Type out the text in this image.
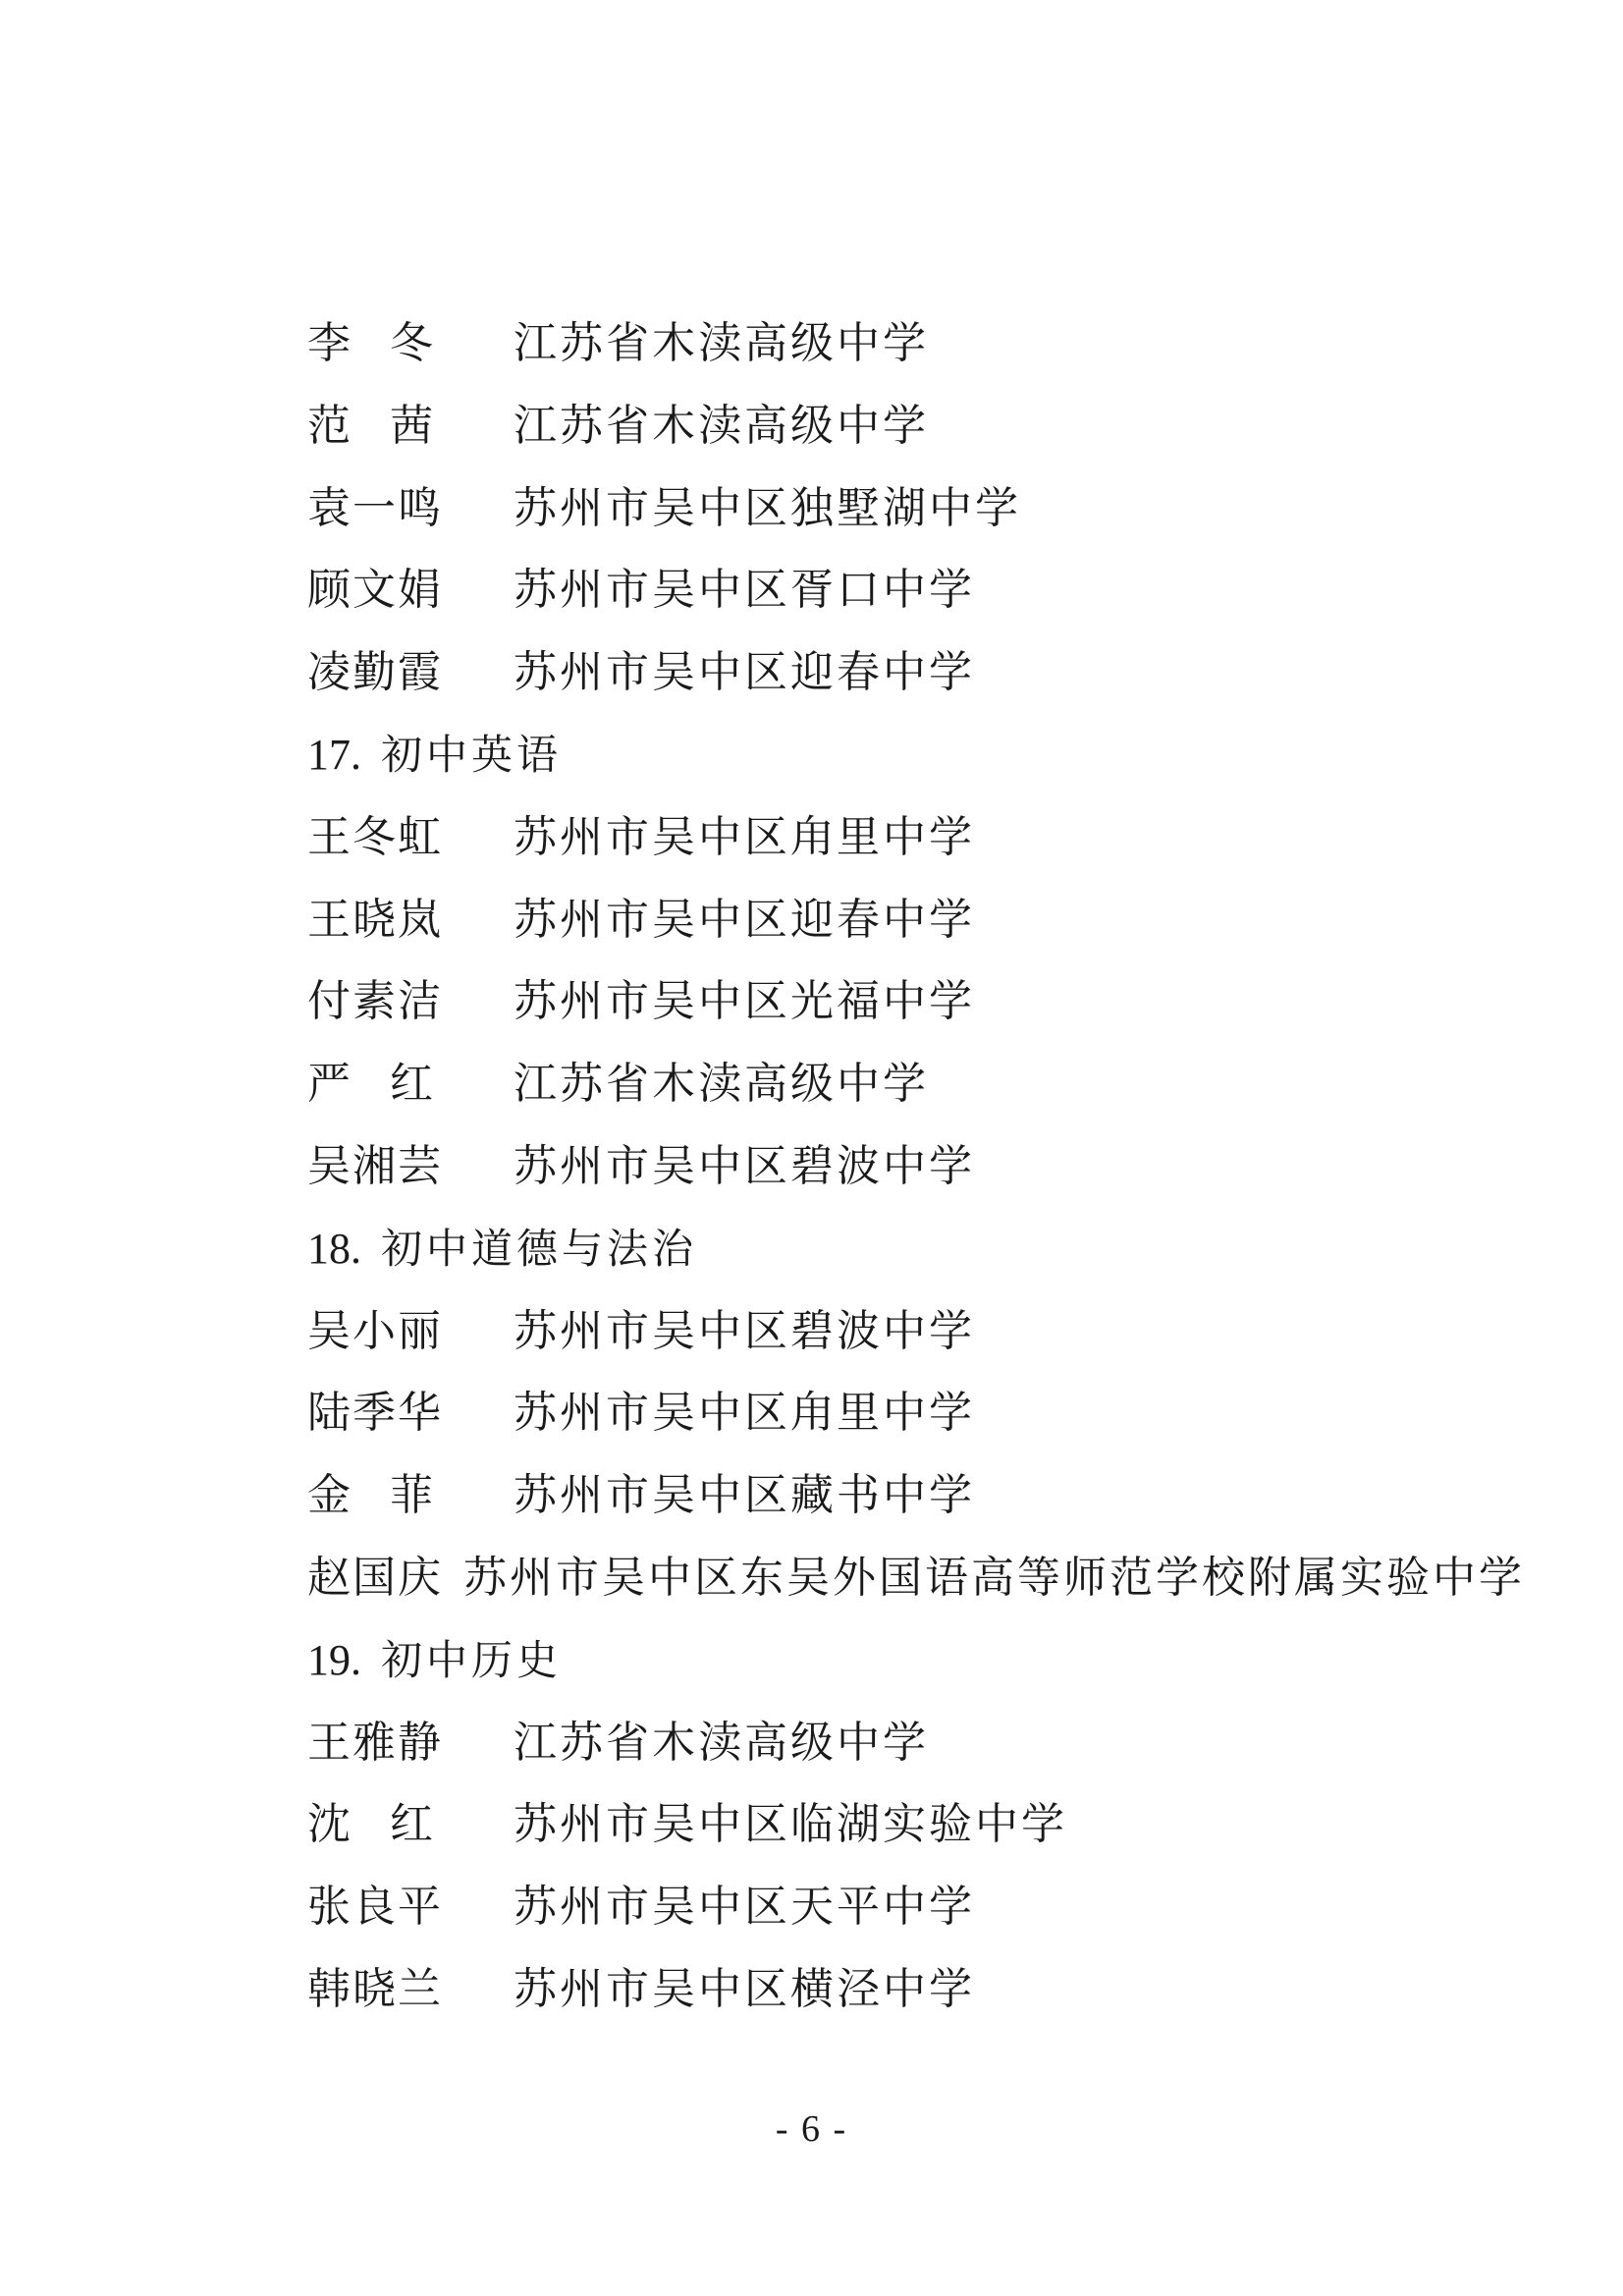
李冬 江苏省木渎高级中学
范茜 江苏省木渎高级中学
袁一鸣	苏州市吴中区独墅湖中学
顾文娟	苏州市吴中区胥口中学
凌勤霞	苏州市吴中区迎春中学
17. 初中英语
王冬虹	苏州市吴中区甪里中学
王晓岚	苏州市吴中区迎春中学
付素洁	苏州市吴中区光福中学
严红 江苏省木渎高级中学
吴湘芸	苏州市吴中区碧波中学
18. 初中道德与法治
吴小丽	苏州市吴中区碧波中学
陆季华	苏州市吴中区甪里中学
金菲 苏州市吴中区藏书中学
赵国庆 苏州市吴中区东吴外国语高等师范学校附属实验中学
19. 初中历史
王雅静	江苏省木渎高级中学
沈红 苏州市吴中区临湖实验中学
张良平	苏州市吴中区天平中学
韩晓兰	苏州市吴中区横泾中学
- 6 -
